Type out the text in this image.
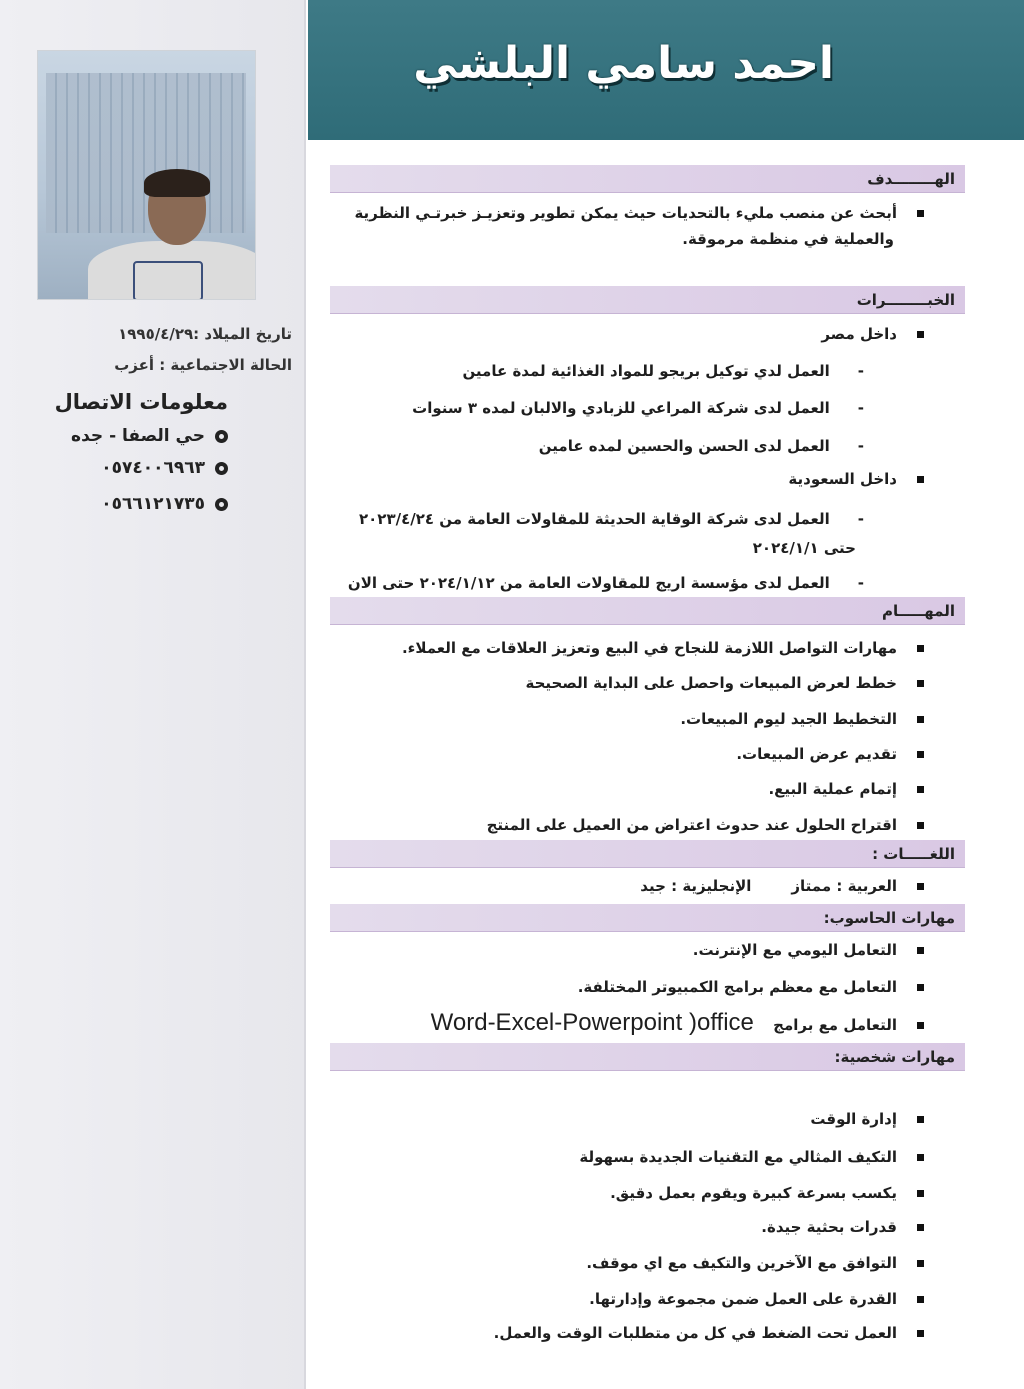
تاريخ الميلاد :١٩٩٥/٤/٢٩
الحالة الاجتماعية : أعزب
معلومات الاتصال
حي الصفا - جده
٠٥٧٤٠٠٦٩٦٣
٠٥٦٦١٢١٧٣٥
احمد سامي البلشي
الهــــــــدف
أبحث عن منصب مليء بالتحديات حيث يمكن تطوير وتعزيـز خبرتـي النظرية والعملية في منظمة مرموقة.
الخبــــــــرات
داخل مصر
-العمل لدي توكيل بريجو للمواد الغذائية لمدة عامين
-العمل لدى شركة المراعي للزبادي والالبان لمده ٣ سنوات
-العمل لدى الحسن والحسين لمده عامين
داخل السعودية
-العمل لدى شركة الوقاية الحديثة للمقاولات العامة من ٢٠٢٣/٤/٢٤
حتى ٢٠٢٤/١/١
-العمل لدى مؤسسة اريج للمقاولات العامة من ٢٠٢٤/١/١٢ حتى الان
المهـــــام
مهارات التواصل اللازمة للنجاح في البيع وتعزيز العلاقات مع العملاء.
خطط لعرض المبيعات واحصل على البداية الصحيحة
التخطيط الجيد ليوم المبيعات.
تقديم عرض المبيعات.
إتمام عملية البيع.
اقتراح الحلول عند حدوث اعتراض من العميل على المنتج
اللغـــــات :
العربية : ممتازالإنجليزية : جيد
مهارات الحاسوب:
التعامل اليومي مع الإنترنت.
التعامل مع معظم برامج الكمبيوتر المختلفة.
التعامل مع برامج Word-Excel-Powerpoint )office
مهارات شخصية:
إدارة الوقت
التكيف المثالي مع التقنيات الجديدة بسهولة
يكسب بسرعة كبيرة ويقوم بعمل دقيق.
قدرات بحثية جيدة.
التوافق مع الآخرين والتكيف مع اي موقف.
القدرة على العمل ضمن مجموعة وإدارتها.
العمل تحت الضغط في كل من متطلبات الوقت والعمل.
